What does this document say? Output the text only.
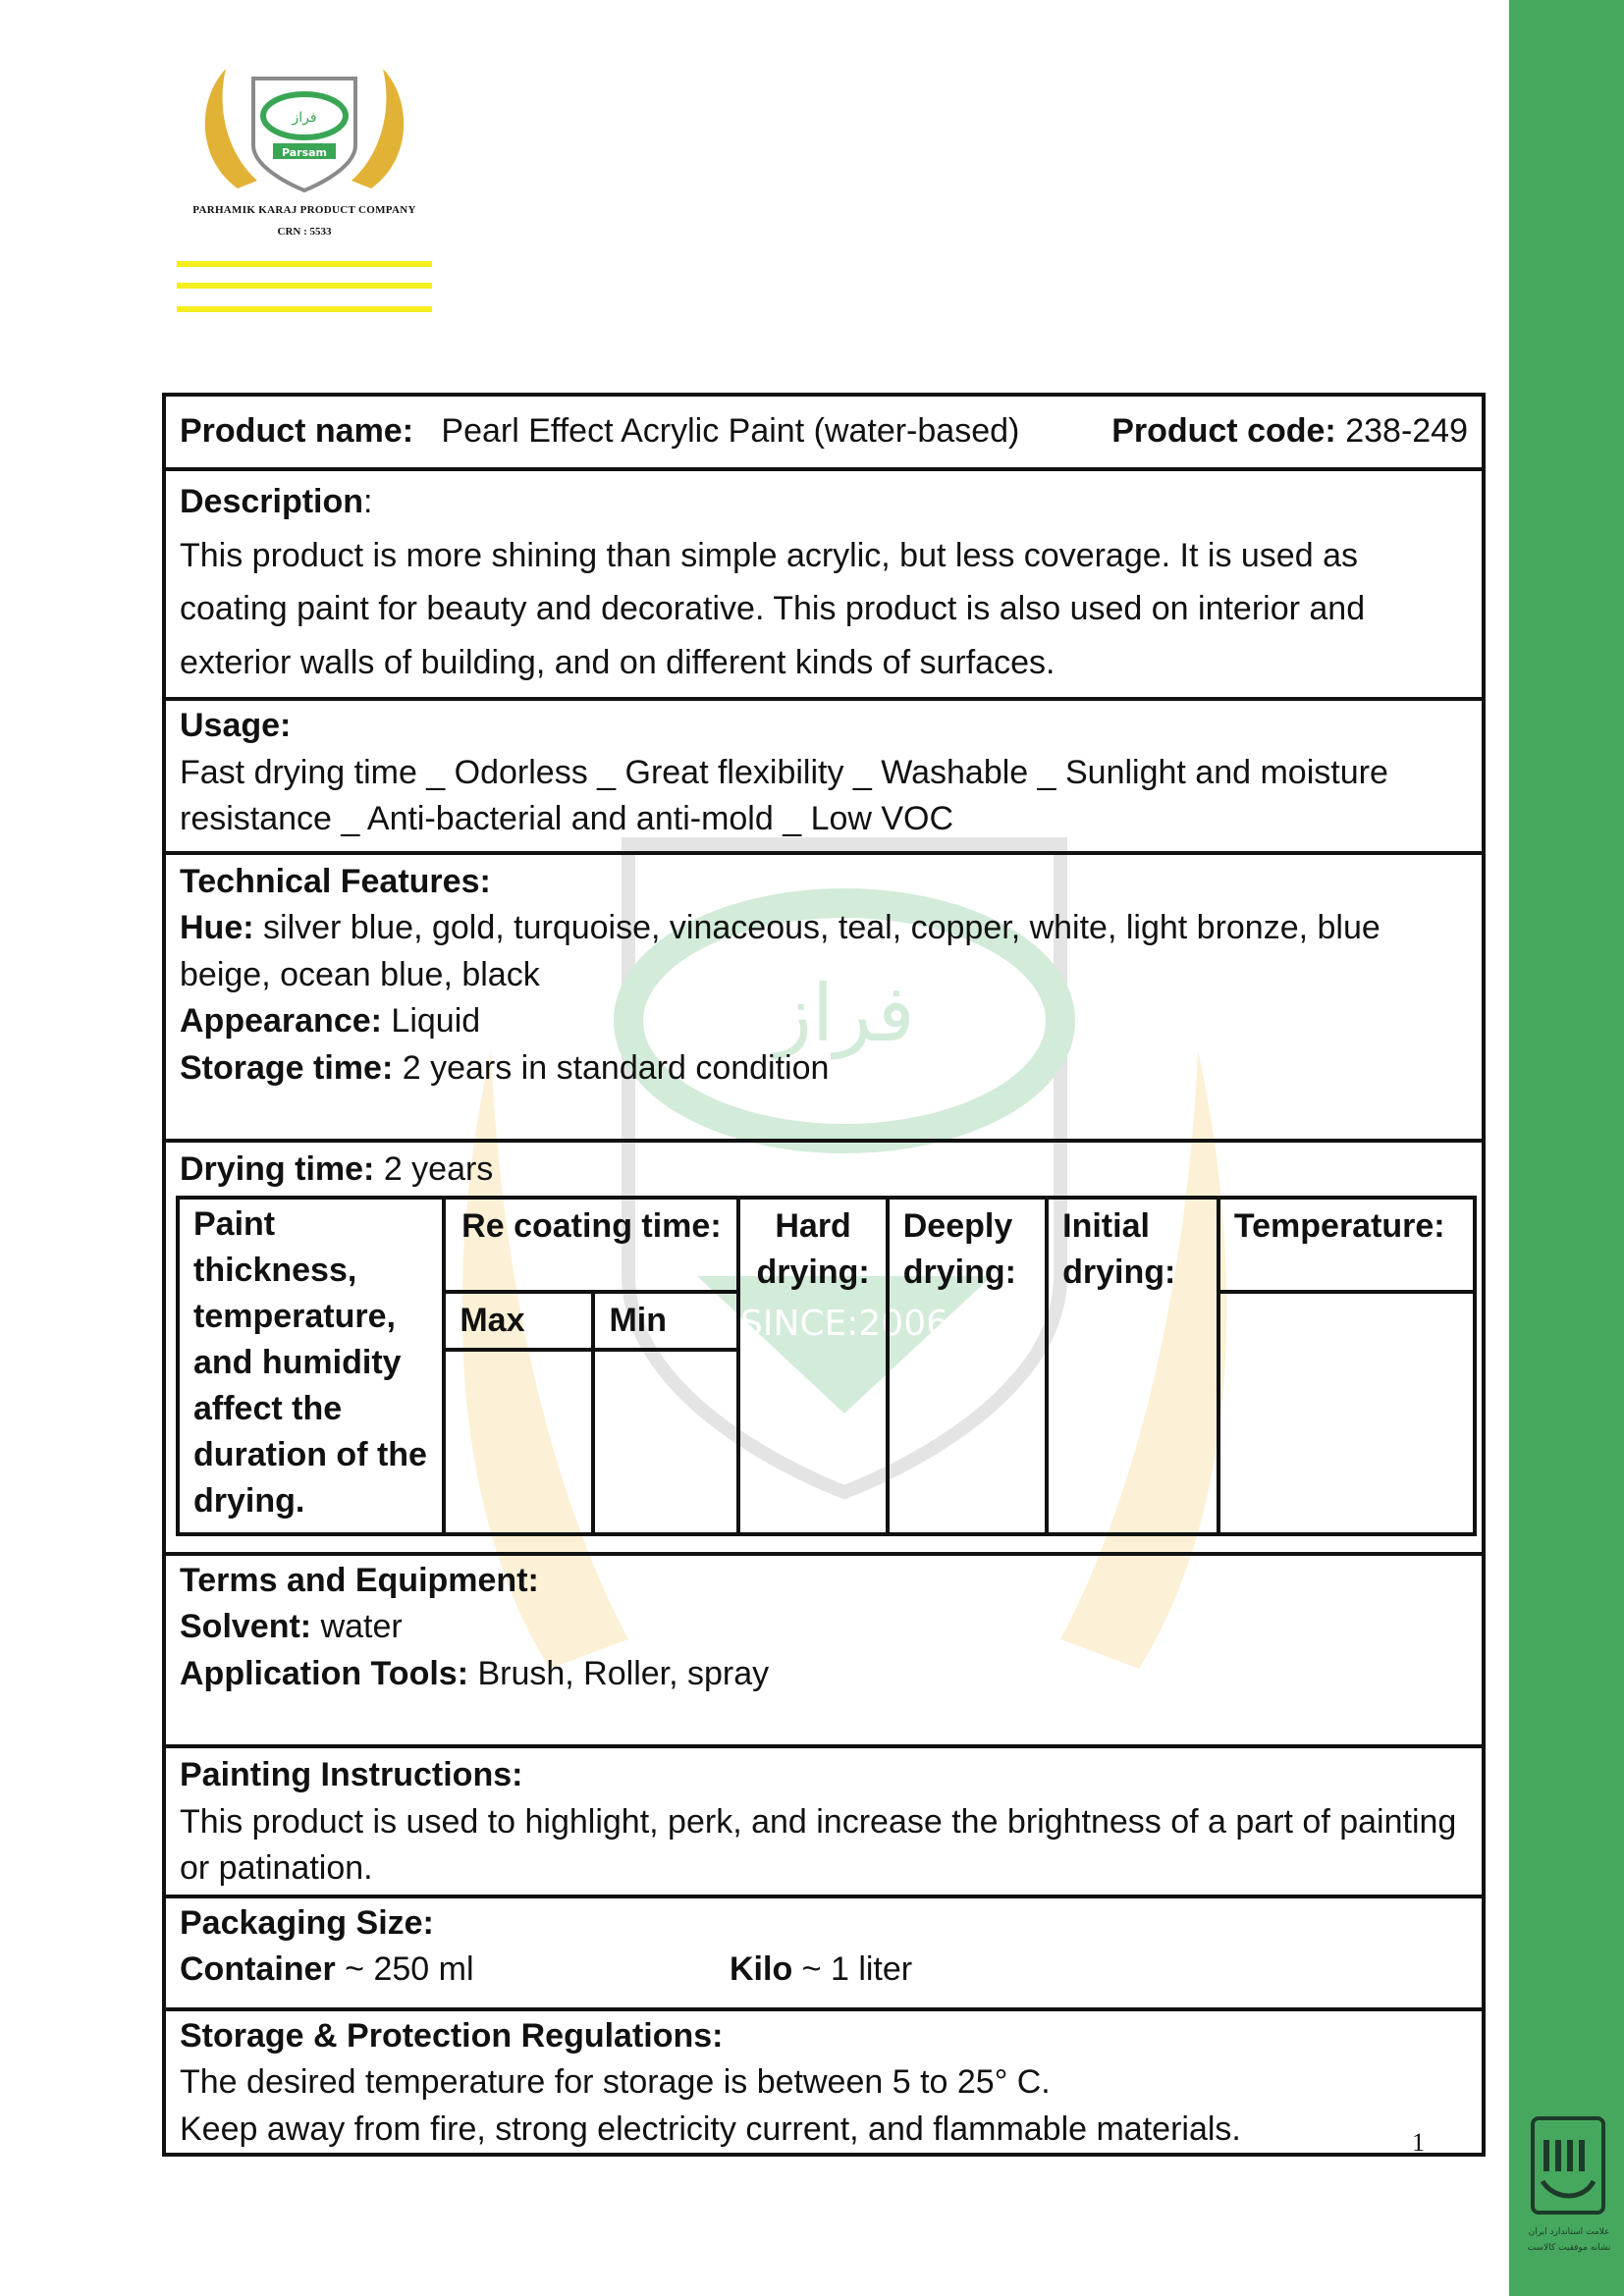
فراز
SINCE:2006
فراز
Parsam
PARHAMIK KARAJ PRODUCT COMPANY
CRN : 5533
Product name: Pearl Effect Acrylic Paint (water-based)	Product code: 238-249
Description:
This product is more shining than simple acrylic, but less coverage. It is used as coating paint for beauty and decorative. This product is also used on interior and exterior walls of building, and on different kinds of surfaces.
Usage:
Fast drying time _ Odorless _ Great flexibility _ Washable _ Sunlight and moisture resistance _ Anti-bacterial and anti-mold _ Low VOC
Technical Features:
Hue: silver blue, gold, turquoise, vinaceous, teal, copper, white, light bronze, blue beige, ocean blue, black
Appearance: Liquid
Storage time: 2 years in standard condition
Drying time: 2 years
Paint thickness, temperature, and humidity affect the duration of the drying.	Re coating time:		Hard drying:	Deeply drying:	Initial drying:	Temperature:
	Max	Min				

Terms and Equipment:
Solvent: water
Application Tools: Brush, Roller, spray
Painting Instructions:
This product is used to highlight, perk, and increase the brightness of a part of painting or patination.
Packaging Size:
Container ~ 250 ml	Kilo ~ 1 liter
Storage & Protection Regulations:
The desired temperature for storage is between 5 to 25° C.
Keep away from fire, strong electricity current, and flammable materials.	1
علامت استاندارد ایران
نشانه موفقیت کالاست
